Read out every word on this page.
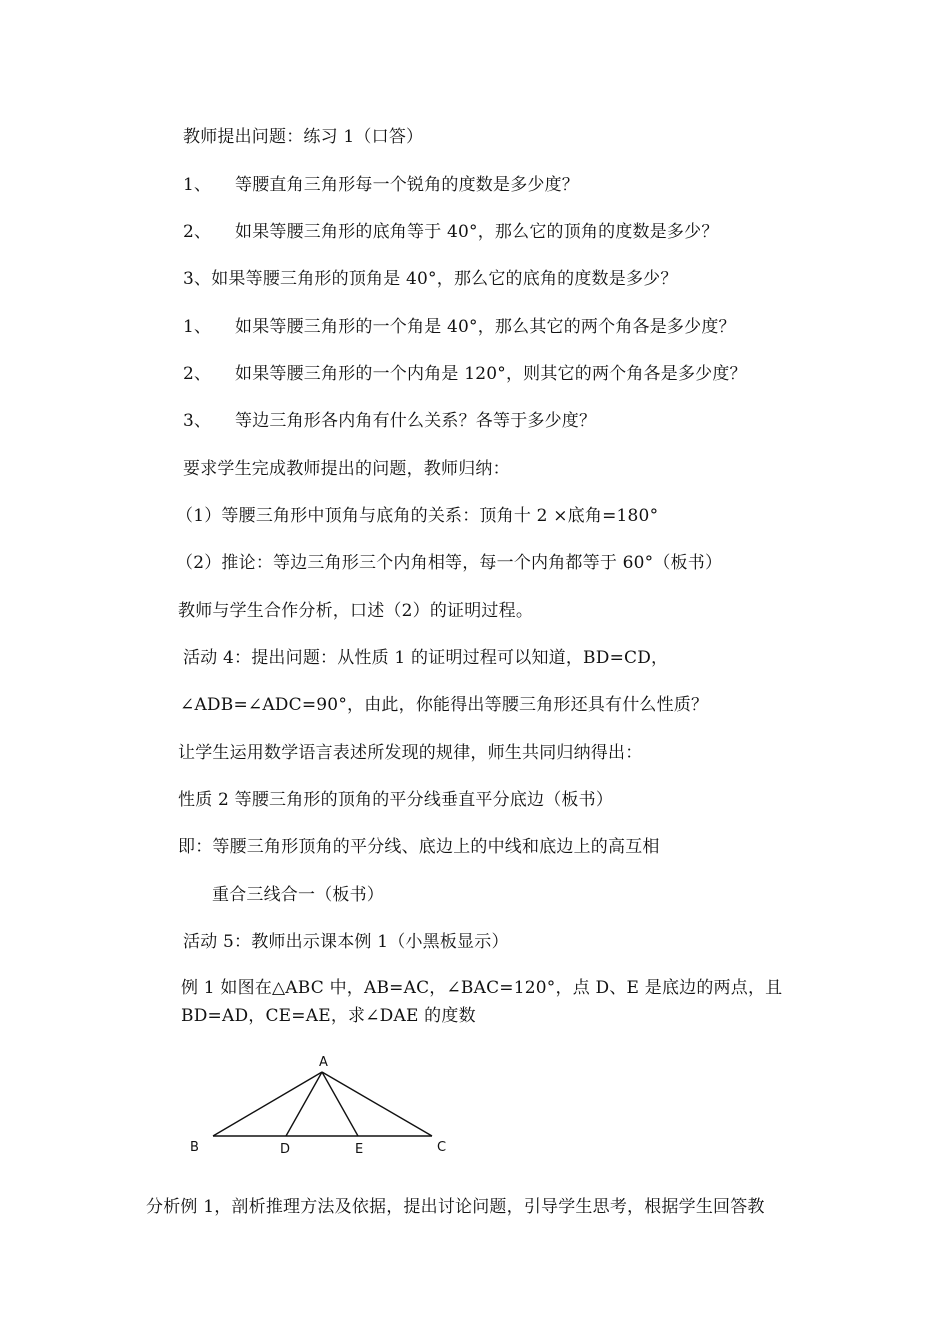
教师提出问题：练习 1（口答）
1、 等腰直角三角形每一个锐角的度数是多少度？
2、 如果等腰三角形的底角等于 40°，那么它的顶角的度数是多少？
3、如果等腰三角形的顶角是 40°，那么它的底角的度数是多少？
1、 如果等腰三角形的一个角是 40°，那么其它的两个角各是多少度？
2、 如果等腰三角形的一个内角是 120°，则其它的两个角各是多少度？
3、 等边三角形各内角有什么关系？各等于多少度？
要求学生完成教师提出的问题，教师归纳：
（1）等腰三角形中顶角与底角的关系：顶角十 2 ×底角=180°
（2）推论：等边三角形三个内角相等，每一个内角都等于 60°（板书）
教师与学生合作分析，口述（2）的证明过程。
活动 4：提出问题：从性质 1 的证明过程可以知道，BD=CD，
∠ADB=∠ADC=90°，由此，你能得出等腰三角形还具有什么性质？
让学生运用数学语言表述所发现的规律，师生共同归纳得出：
性质 2 等腰三角形的顶角的平分线垂直平分底边（板书）
即：等腰三角形顶角的平分线、底边上的中线和底边上的高互相
重合三线合一（板书）
活动 5：教师出示课本例 1（小黑板显示）
例 1 如图在△ABC 中，AB=AC，∠BAC=120°，点 D、E 是底边的两点，且 BD=AD，CE=AE，求∠DAE 的度数
A
B	D	E	C
分析例 1，剖析推理方法及依据，提出讨论问题，引导学生思考，根据学生回答教
